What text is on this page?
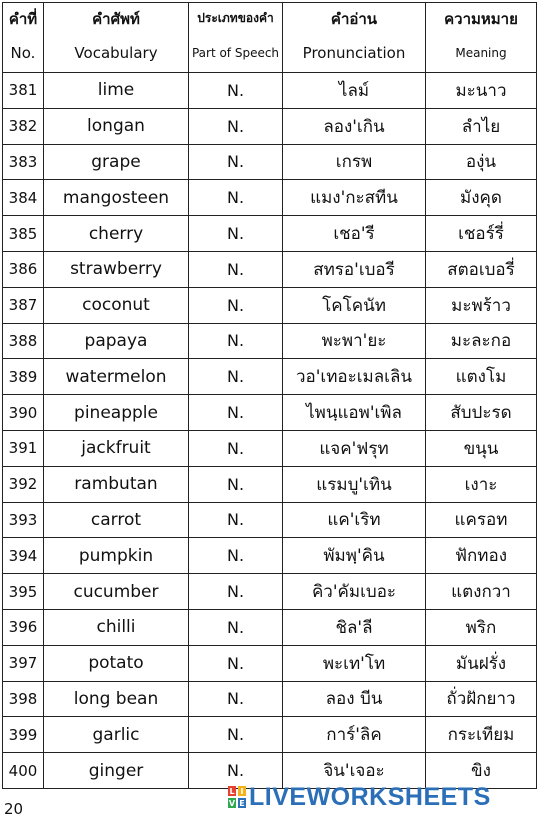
คำที่	คำศัพท์	ประเภทของคำ	คำอ่าน	ความหมาย
No.	Vocabulary	Part of Speech	Pronunciation	Meaning
381	lime	N.	ไลม์	มะนาว
382	longan	N.	ลอง'เกิน	ลำไย
383	grape	N.	เกรพ	องุ่น
384	mangosteen	N.	แมง'กะสทีน	มังคุด
385	cherry	N.	เชอ'รี	เชอร์รี่
386	strawberry	N.	สทรอ'เบอรี	สตอเบอรี่
387	coconut	N.	โคโคนัท	มะพร้าว
388	papaya	N.	พะพา'ยะ	มะละกอ
389	watermelon	N.	วอ'เทอะเมลเลิน	แตงโม
390	pineapple	N.	ไพนฺแอพ'เพิล	สับปะรด
391	jackfruit	N.	แจค'ฟรุท	ขนุน
392	rambutan	N.	แรมบู'เทิน	เงาะ
393	carrot	N.	แค'เริท	แครอท
394	pumpkin	N.	พัมพฺ'คิน	ฟักทอง
395	cucumber	N.	คิว'คัมเบอะ	แตงกวา
396	chilli	N.	ชิล'ลี	พริก
397	potato	N.	พะเท'โท	มันฝรั่ง
398	long bean	N.	ลอง บีน	ถั่วฝักยาว
399	garlic	N.	การ์'ลิค	กระเทียม
400	ginger	N.	จิน'เจอะ	ขิง
20
L I
V E LIVEWORKSHEETS
